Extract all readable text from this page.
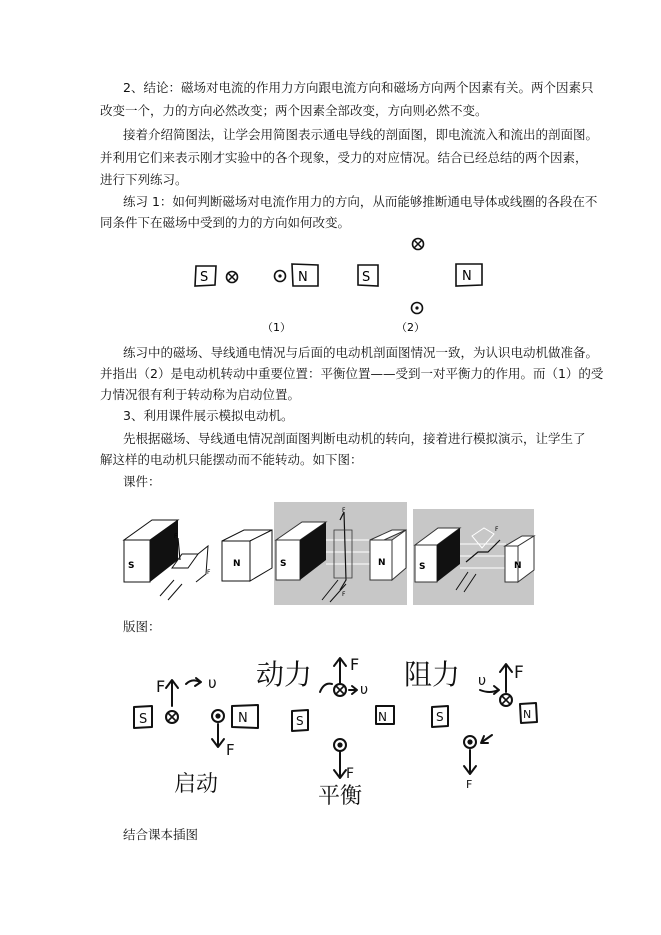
2、结论：磁场对电流的作用力方向跟电流方向和磁场方向两个因素有关。两个因素只
改变一个，力的方向必然改变；两个因素全部改变，方向则必然不变。
接着介绍简图法，让学会用简图表示通电导线的剖面图，即电流流入和流出的剖面图。
并利用它们来表示刚才实验中的各个现象，受力的对应情况。结合已经总结的两个因素，
进行下列练习。
练习 1：如何判断磁场对电流作用力的方向，从而能够推断通电导体或线圈的各段在不
同条件下在磁场中受到的力的方向如何改变。
S	N	S	N
（1）	（2）
练习中的磁场、导线通电情况与后面的电动机剖面图情况一致，为认识电动机做准备。
并指出（2）是电动机转动中重要位置：平衡位置——受到一对平衡力的作用。而（1）的受
力情况很有利于转动称为启动位置。
3、利用课件展示模拟电动机。
先根据磁场、导线通电情况剖面图判断电动机的转向，接着进行模拟演示，让学生了
解这样的电动机只能摆动而不能转动。如下图：
课件：
S
F
F
N	S
F
F
N	S
F
N
版图：
F	υ
S
F
N
启动
动力 F
υ
S	N
F
平衡
阻力 υ F
S	N
F
结合课本插图
